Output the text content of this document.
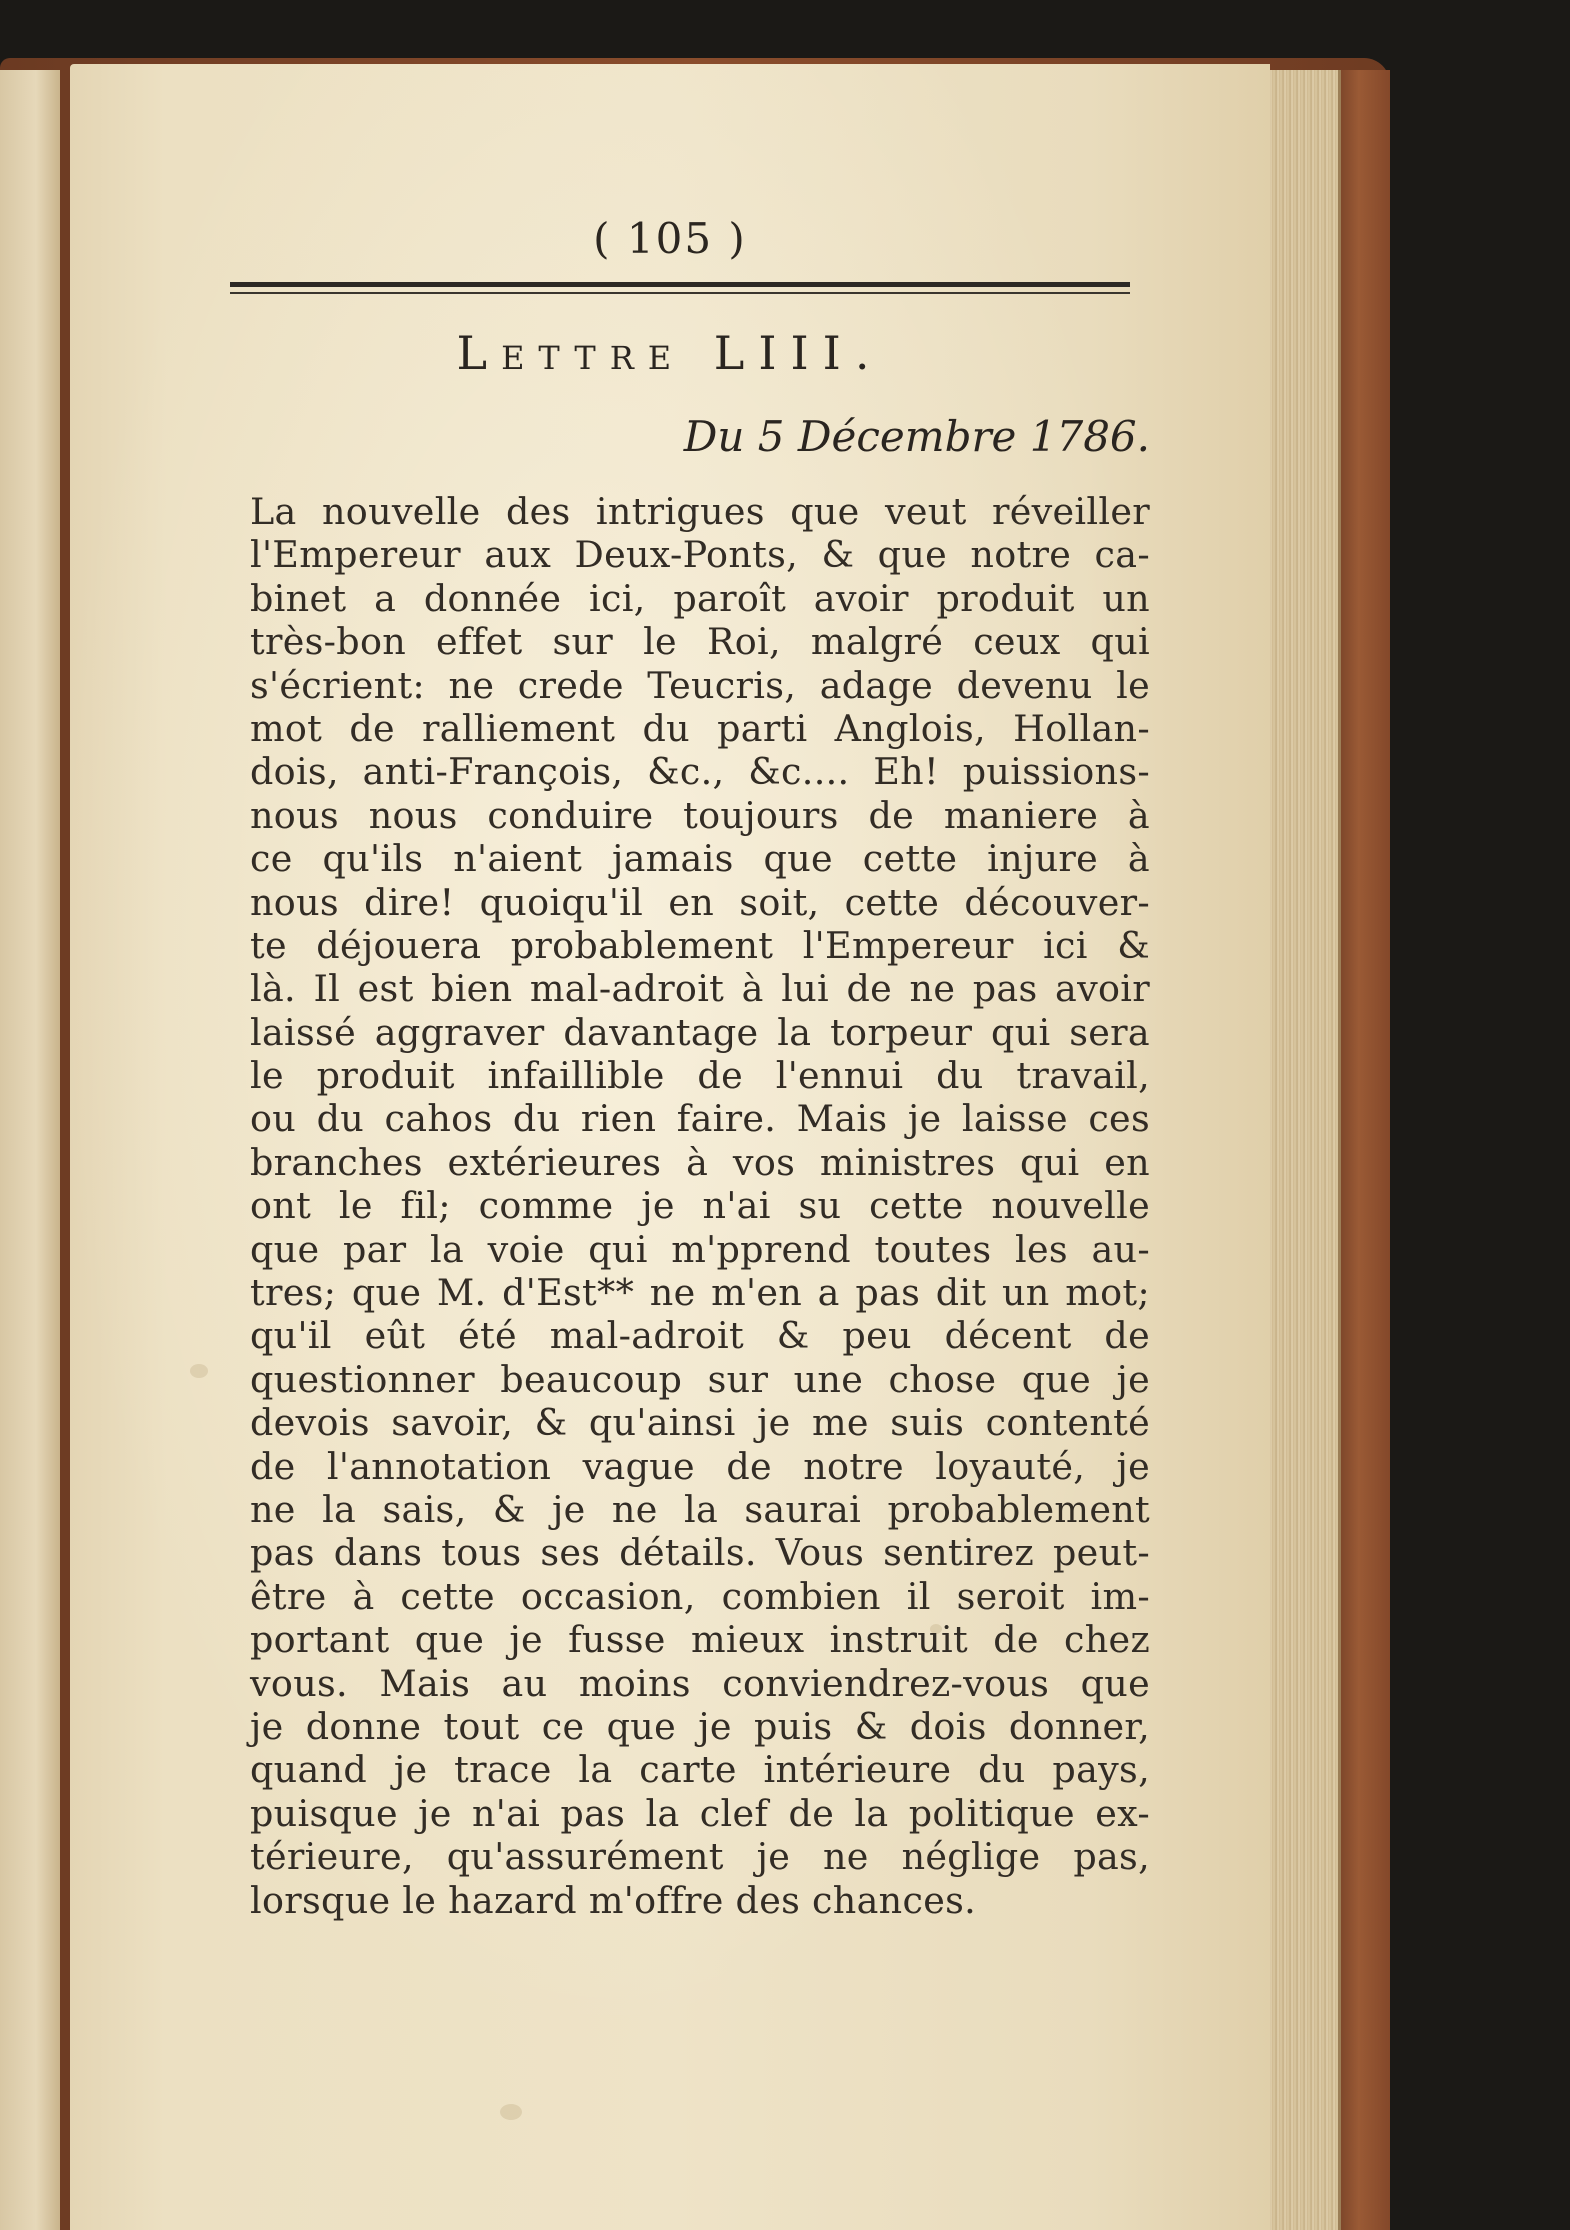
( 105 )
Lettre LIII.
Du 5 Décembre 1786.
La nouvelle des intrigues que veut réveiller
l'Empereur aux Deux-Ponts, & que notre ca-
binet a donnée ici, paroît avoir produit un
très-bon effet sur le Roi, malgré ceux qui
s'écrient: ne crede Teucris, adage devenu le
mot de ralliement du parti Anglois, Hollan-
dois, anti-François, &c., &c.... Eh! puissions-
nous nous conduire toujours de maniere à
ce qu'ils n'aient jamais que cette injure à
nous dire! quoiqu'il en soit, cette découver-
te déjouera probablement l'Empereur ici &
là. Il est bien mal-adroit à lui de ne pas avoir
laissé aggraver davantage la torpeur qui sera
le produit infaillible de l'ennui du travail,
ou du cahos du rien faire. Mais je laisse ces
branches extérieures à vos ministres qui en
ont le fil; comme je n'ai su cette nouvelle
que par la voie qui m'pprend toutes les au-
tres; que M. d'Est** ne m'en a pas dit un mot;
qu'il eût été mal-adroit & peu décent de
questionner beaucoup sur une chose que je
devois savoir, & qu'ainsi je me suis contenté
de l'annotation vague de notre loyauté, je
ne la sais, & je ne la saurai probablement
pas dans tous ses détails. Vous sentirez peut-
être à cette occasion, combien il seroit im-
portant que je fusse mieux instruit de chez
vous. Mais au moins conviendrez-vous que
je donne tout ce que je puis & dois donner,
quand je trace la carte intérieure du pays,
puisque je n'ai pas la clef de la politique ex-
térieure, qu'assurément je ne néglige pas,
lorsque le hazard m'offre des chances.
